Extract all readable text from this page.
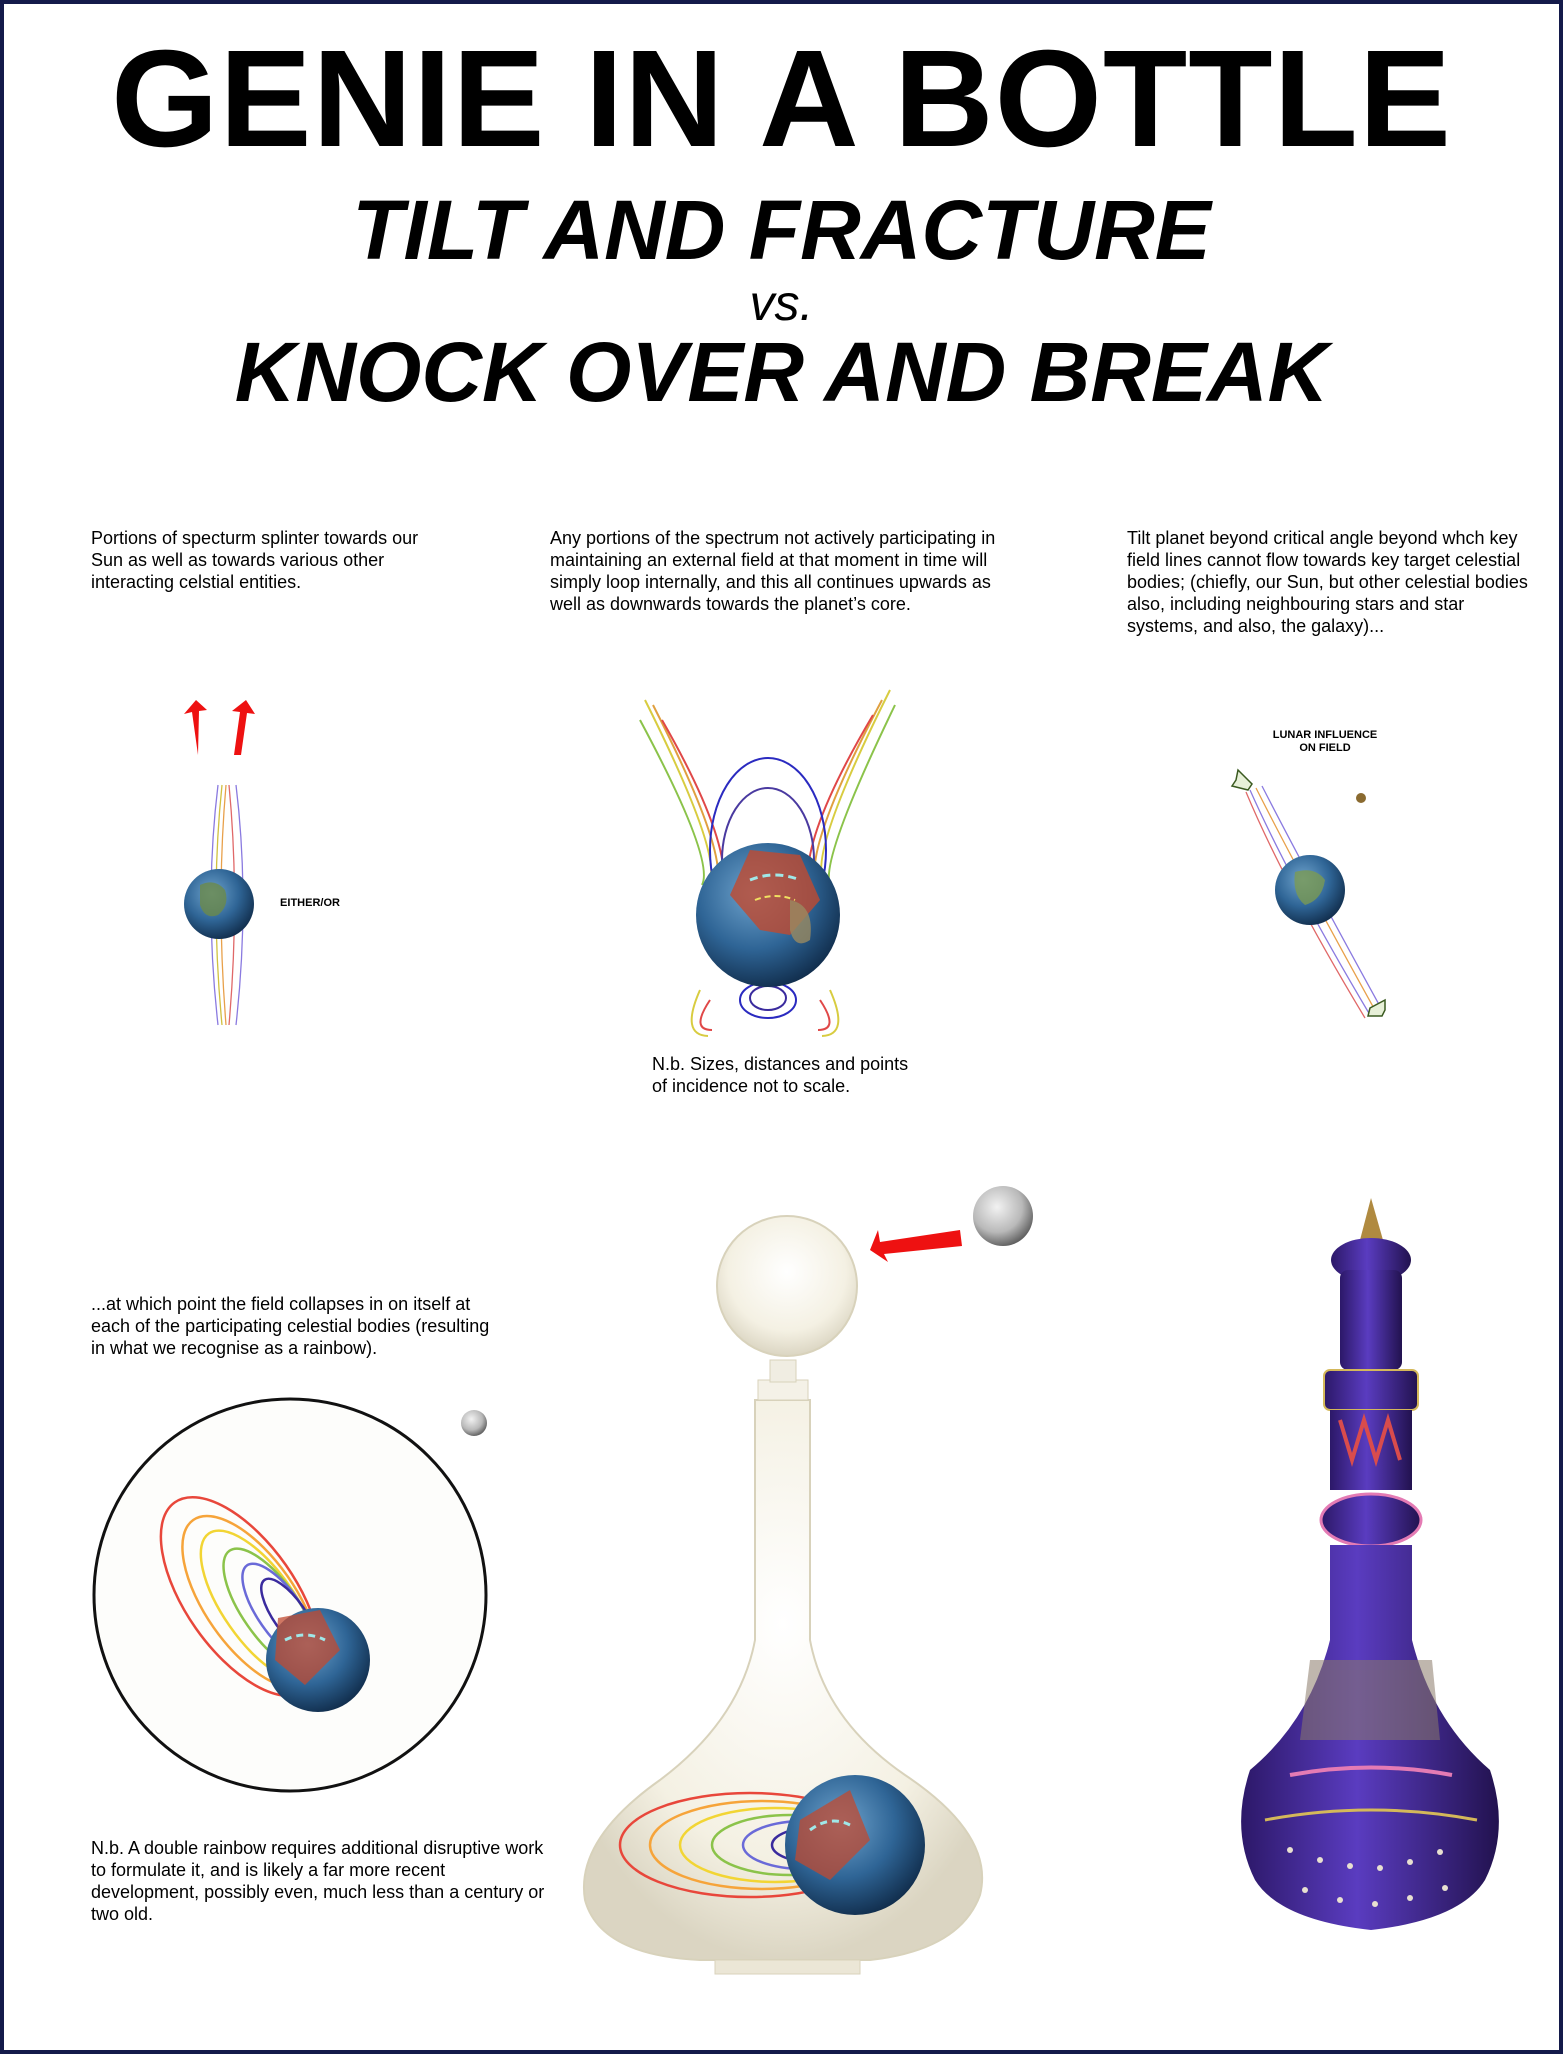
GENIE IN A BOTTLE
TILT AND FRACTURE
vs.
KNOCK OVER AND BREAK
Portions of specturm splinter towards our Sun as well as towards various other interacting celstial entities.
Any portions of the spectrum not actively participating in maintaining an external field at that moment in time will simply loop internally, and this all continues upwards as well as downwards towards the planet’s core.
Tilt planet beyond critical angle beyond whch key field lines cannot flow towards key target celestial bodies; (chiefly, our Sun, but other celestial bodies also, including neighbouring stars and star systems, and also, the galaxy)...
EITHER/OR
LUNAR INFLUENCE
ON FIELD
N.b. Sizes, distances and points
of incidence not to scale.
...at which point the field collapses in on itself at each of the participating celestial bodies (resulting in what we recognise as a rainbow).
N.b. A double rainbow requires additional disruptive work to formulate it, and is likely a far more recent development, possibly even, much less than a century or two old.
